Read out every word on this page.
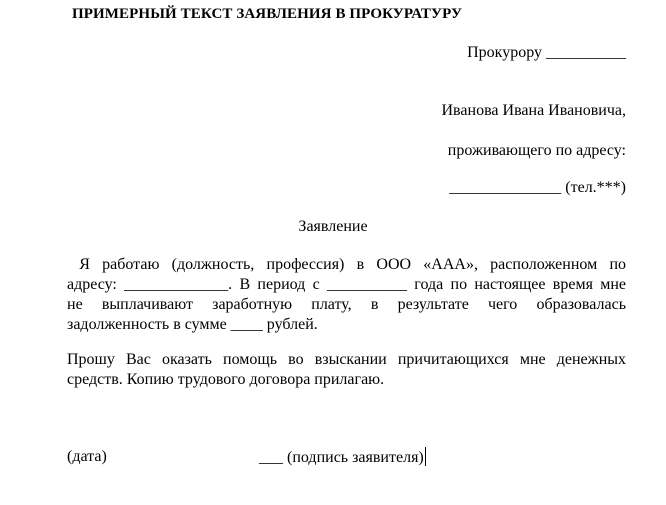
ПРИМЕРНЫЙ ТЕКСТ ЗАЯВЛЕНИЯ В ПРОКУРАТУРУ
Прокурору __________
Иванова Ивана Ивановича,
проживающего по адресу:
______________ (тел.***)
Заявление
Я работаю (должность, профессия) в ООО «ААА», расположенном по
адресу: _____________. В период с __________ года по настоящее время мне
не выплачивают заработную плату, в результате чего образовалась
задолженность в сумме ____ рублей.
Прошу Вас оказать помощь во взыскании причитающихся мне денежных
средств. Копию трудового договора прилагаю.
(дата)	___ (подпись заявителя)
